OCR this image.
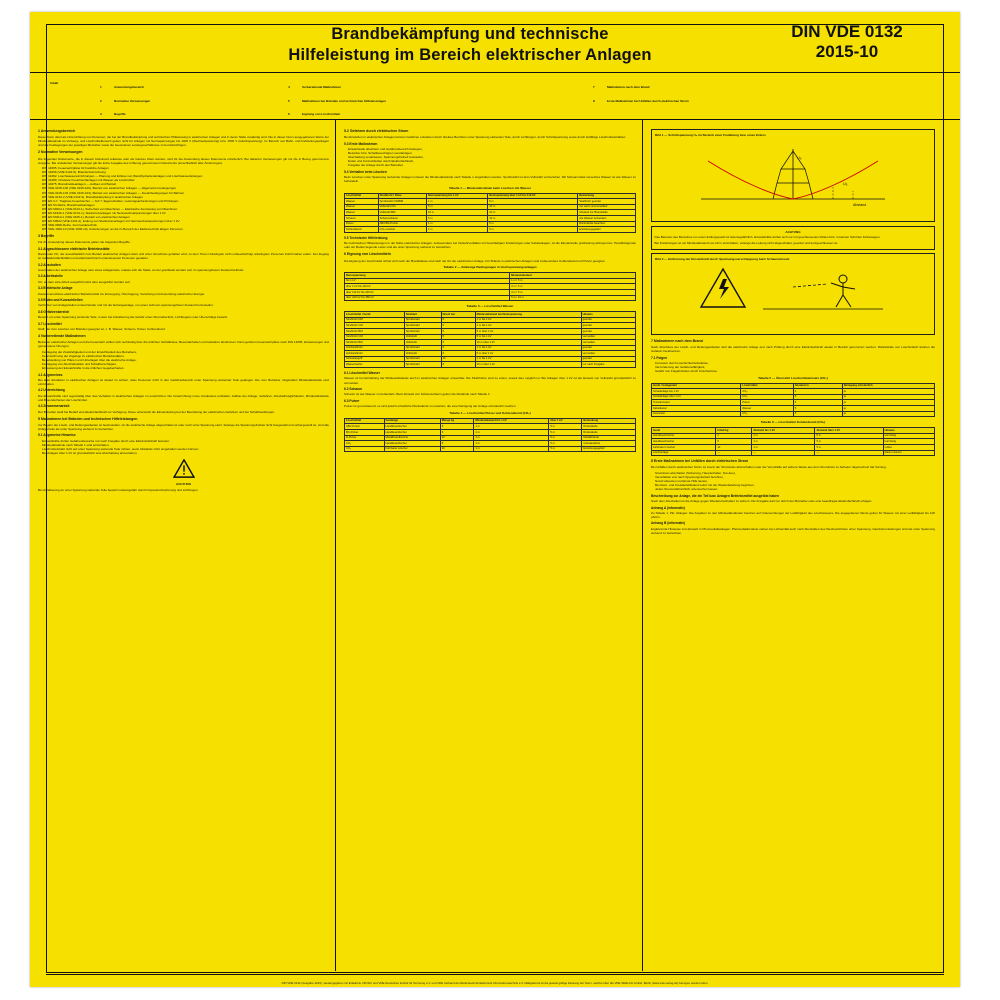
Brandbekämpfung und technische
Hilfeleistung im Bereich elektrischer Anlagen
DIN VDE 0132
2015-10
Inhalt
1	Anwendungsbereich
2	Normative Verweisungen
3	Begriffe
4	Vorbereitende Maßnahmen
5	Maßnahmen bei Bränden und technischen Hilfeleistungen
6	Eignung von Löschmitteln
7	Maßnahmen nach dem Brand
8	Erste Maßnahmen bei Unfällen durch elektrischen Strom
1 Anwendungsbereich
Diese Norm dient als Unterrichtung von Personen, die bei der Brandbekämpfung und technischen Hilfeleistung in elektrischen Anlagen und in deren Nähe zuständig sind. Die in dieser Norm ausgegebenen Werte der Mindestabstände im Vorbeug- und Löschmittelbereich gelten nicht für Anlagen mit Nennspannungen bis 1000 V (Wechselspannung) bzw. 1500 V (Gleichspannung). Im Bereich von Bahn- und Fahrleitungsanlagen sind die Festlegungen der jeweiligen Betreiber sowie die besonderen Leitungsverhältnisse zu berücksichtigen.
2 Normative Verweisungen
Die folgenden Dokumente, die in diesem Dokument teilweise oder als Ganzes zitiert werden, sind für die Anwendung dieses Dokuments erforderlich. Bei datierten Verweisungen gilt nur die in Bezug genommene Ausgabe. Bei undatierten Verweisungen gilt die letzte Ausgabe des in Bezug genommenen Dokuments (einschließlich aller Änderungen).
DIN 14095, Feuerwehrpläne für bauliche Anlagen
DIN 14096 (VDE 0132-5), Brandschutzordnung
DIN 14462, Löschwassereinrichtungen — Planung und Einbau von Wandhydrantenanlagen und Löschwasserleitungen
DIN 14489, Ortsfeste Feuerlöschanlagen mit Wasser als Löschmittel
DIN 14675, Brandmeldeanlagen — Aufbau und Betrieb
DIN VDE 0105-100 (VDE 0105-100), Betrieb von elektrischen Anlagen — Allgemeine Festlegungen
DIN VDE 0105-103 (VDE 0105-103), Betrieb von elektrischen Anlagen — Zusatzfestlegungen für Bahnen
DIN VDE 0132-2 (VDE 0132-2), Brandbekämpfung in elektrischen Anlagen
DIN EN 3-7, Tragbare Feuerlöscher — Teil 7: Eigenschaften, Leistungsanforderungen und Prüfungen
DIN EN 54-Reihe, Brandmeldeanlagen
DIN EN 60204-1 (VDE 0113-1), Sicherheit von Maschinen — Elektrische Ausrüstung von Maschinen
DIN EN 61936-1 (VDE 0101-1), Starkstromanlagen mit Nennwechselspannungen über 1 kV
DIN EN 50110-1 (VDE 0105-1), Betrieb von elektrischen Anlagen
DIN EN 50522 (VDE 0101-2), Erdung von Starkstromanlagen mit Nennwechselspannungen über 1 kV
DIN VDE 0800-Reihe, Fernmeldetechnik
DIN VDE 1000-10 (VDE 1000-10), Anforderungen an die im Bereich der Elektrotechnik tätigen Personen
3 Begriffe
Für die Anwendung dieses Dokuments gelten die folgenden Begriffe.
3.1 Abgeschlossene elektrische Betriebsstätte
Raum oder Ort, der ausschließlich zum Betrieb elektrischer Anlagen dient und unter Verschluss gehalten wird, zu dem Türen Unbefugten nicht unbeaufsichtigt unbefugtem Personen Zutritt haben sollen. Der Zugang ist nur Elektrofachkräften und elektrotechnisch unterwiesenen Personen gestattet.
3.2 Abschalten
Ausschalten der elektrischen Anlage oder eines Anlagenteils, sodass sich die Stelle, an der gearbeitet werden soll, im spannungsfreien Zustand befindet.
3.3 Arbeitsstelle
Ort, an dem eine Arbeit ausgeführt wird oder ausgeführt werden soll.
3.4 Elektrische Anlage
Zusammenschluss elektrischer Betriebsmittel zur Erzeugung, Übertragung, Verteilung und Anwendung elektrischer Energie.
3.5 Erden und Kurzschließen
Verbinden von Anlagenteilen untereinander und mit der Erdungsanlage, um einen sicheren spannungsfreien Zustand herzustellen.
3.6 Gefahrenbereich
Bereich um unter Spannung stehende Teile, in dem bei Annäherung die Gefahr eines Stromübertritts, Lichtbogens oder Überschlags besteht.
3.7 Löschmittel
Stoff, der zum Löschen von Bränden geeignet ist, z. B. Wasser, Schaum, Pulver, Kohlendioxid.
4 Vorbereitende Maßnahmen
Betreiber elektrischer Anlagen und die Feuerwehr sollten sich rechtzeitig über die örtlichen Verhältnisse, Besonderheiten und Gefahren abstimmen. Dazu gehören Feuerwehrpläne nach DIN 14095, Einweisungen und gemeinsame Übungen.
Festlegung der Zuständigkeiten und der Erreichbarkeit des Betreibers,
Kennzeichnung der Zugänge zu elektrischen Betriebsstätten,
Bereitstellung von Plänen und Unterlagen über die elektrische Anlage,
Festlegung von Abschaltstellen und Schaltberechtigten,
Einweisung der Einsatzkräfte in die örtlichen Gegebenheiten.
4.1 Allgemeines
Bei allen Einsätzen in elektrischen Anlagen ist darauf zu achten, dass Personen nicht in den Gefahrenbereich unter Spannung stehender Teile gelangen. Die vom Betreiber mitgeteilten Mindestabstände sind einzuhalten.
4.2 Unterrichtung
Die Einsatzkräfte sind regelmäßig über das Verhalten in elektrischen Anlagen zu unterrichten. Die Unterrichtung muss mindestens enthalten: Aufbau der Anlage, Gefahren, Abschaltmöglichkeiten, Mindestabstände und Besonderheiten der Löschmittel.
4.3 Zusammenarbeit
Der Betreiber stellt bei Bedarf eine Elektrofachkraft zur Verfügung. Diese unterstützt die Einsatzleitung bei der Beurteilung der elektrischen Gefahren und bei Schalthandlungen.
5 Maßnahmen bei Bränden und technischen Hilfeleistungen
Vor Beginn der Lösch- und Rettungsarbeiten ist festzustellen, ob die elektrische Anlage abgeschaltet ist oder noch unter Spannung steht. Solange die Spannungsfreiheit nicht festgestellt und sichergestellt ist, sind alle Anlagenteile als unter Spannung stehend zu betrachten.
5.1 Allgemeine Hinweise
Einsatzkräfte dürfen Gefahrenbereiche nur nach Freigabe durch eine Elektrofachkraft betreten.
Mindestabstände nach Tabelle 1 sind einzuhalten.
Löschmittelstrahl nicht auf unter Spannung stehende Teile richten, wenn Abstände nicht eingehalten werden können.
Bei Anlagen über 1 kV ist grundsätzlich eine Abschaltung anzustreben.
ACHTUNG
Bei Annäherung an unter Spannung stehende Teile besteht Lebensgefahr durch Körperdurchströmung und Lichtbogen.
5.2 Gefahren durch elektrischen Strom
Bei Einsätzen in elektrischen Anlagen können Gefahren entstehen durch direktes Berühren unter Spannung stehender Teile, durch Lichtbögen, durch Schrittspannung sowie durch leitfähige Löschmittelstrahlen.
5.3 Erste Maßnahmen
Einsatzstelle absichern und Gefahrenbereich festlegen,
Betreiber bzw. Schaltberechtigten verständigen,
Abschaltung veranlassen, Spannungsfreiheit feststellen,
Erden und Kurzschließen durch Elektrofachkraft,
Freigabe der Anlage durch den Betreiber.
5.4 Verhalten beim Löschen
Beim Löschen unter Spannung stehender Anlagen müssen die Mindestabstände nach Tabelle 1 eingehalten werden. Sprühstrahl ist dem Vollstrahl vorzuziehen. Mit Schaummittel versetztes Wasser ist wie Wasser zu behandeln.
Tabelle 1 — Mindestabstände beim Löschen mit Wasser
Löschmittel	Strahlrohr / Düse	Nennspannung bis 1 kV	Nennspannung über 1 kV bis 110 kV	Bemerkung
Wasser	Sprühstrahl CM/BM	1 m	5 m	Strahlrohr geerdet
Wasser	Vollstrahl CM	5 m	10 m	nur wenn unvermeidbar
Wasser	Vollstrahl BM	10 m	10 m	Abstand zur Brandstelle
Schaum	Schwerschaum	5 m	10 m	wie Wasser behandeln
Pulver	ABC/BC-Pulver	1 m	5 m	Rückstände beachten
Kohlendioxid	CO₂-Löscher	1 m	5 m	Erstickungsgefahr
5.5 Technische Hilfeleistung
Bei technischen Hilfeleistungen in der Nähe elektrischer Anlagen, insbesondere bei Verkehrsunfällen mit beschädigten Freileitungen oder Kabelanlagen, ist die Einsatzstelle großräumig abzusperren. Herabhängende oder am Boden liegende Leiter sind als unter Spannung stehend zu betrachten.
6 Eignung von Löschmitteln
Die Eignung der Löschmittel richtet sich nach der Brandklasse und nach der Art der elektrischen Anlage. Für Brände in elektrischen Anlagen sind insbesondere Kohlendioxid und Pulver geeignet.
Tabelle 2 — Zulässige Bedingungen in Hochspannungsanlagen
Nennspannung	Mindestabstand
bis 1 kV	1 m / 5 m
über 1 kV bis 110 kV	3 m / 5 m
über 110 kV bis 220 kV	4 m / 5 m
über 220 kV bis 380 kV	5 m / 10 m
Tabelle 3 — Löschmittel Wasser
Löschmittel / Gerät	Strahlart	Druck bar	Mindestabstand bei Nennspannung	Hinweis
Strahlrohr DM	Sprühstrahl	5	1 m bis 1 kV	geerdet
Strahlrohr CM	Sprühstrahl	5	1 m bis 1 kV	geerdet
Strahlrohr BM	Sprühstrahl	5	5 m über 1 kV	geerdet
Strahlrohr CM	Vollstrahl	5	5 m bis 1 kV	vermeiden
Strahlrohr BM	Vollstrahl	5	10 m über 1 kV	vermeiden
Hohlstrahlrohr	Sprühstrahl	6	1 m bis 1 kV	geerdet
Hohlstrahlrohr	Vollstrahl	6	5 m über 1 kV	vermeiden
Schnellangriff	Sprühstrahl	10	1 m bis 1 kV	geerdet
Wasserwerfer	Sprühstrahl	8	10 m über 1 kV	nur nach Freigabe
6.1 Löschmittel Wasser
Wasser ist bei Einhaltung der Mindestabstände auch in elektrischen Anlagen einsetzbar. Die Strahlrohre sind zu erden, soweit dies möglich ist. Bei Anlagen über 1 kV ist der Einsatz von Vollstrahl grundsätzlich zu vermeiden.
6.2 Schaum
Schaum ist wie Wasser zu behandeln. Beim Einsatz von Schwerschaum gelten die Abstände nach Tabelle 1.
6.3 Pulver
Pulver ist gut isolierend; es sind jedoch erhebliche Rückstände zu erwarten, die eine Reinigung der Anlage erforderlich machen.
Tabelle 4 — Löschmittel Pulver und Kohlendioxid (CO₂)
Löschmittel	Gerätetyp	Menge kg	Mindestabstand bis 1 kV	über 1 kV	Bemerkung
ABC-Pulver	Handfeuerlöscher	6	1 m	5 m	Rückstände
BC-Pulver	Handfeuerlöscher	6	1 m	5 m	Rückstände
D-Pulver	Metallbrandlöscher	12	1 m	5 m	Metallbrände
CO₂	Handfeuerlöscher	5	1 m	5 m	rückstandsfrei
CO₂	Fahrbarer Löscher	10	1 m	5 m	Erstickungsgefahr
Bild 1 — Schrittspannung U₅ im Bereich einer Freileitung bzw. eines Erders
U₅
U₆
Abstand
ACHTUNG
Das Betreten des Bereiches um einen Erdungspunkt ist lebensgefährlich. Einsatzkräfte dürfen sich nur mit geschlossenen Füßen bzw. in kleinen Schritten fortbewegen.
Bei Freileitungen ist ein Mindestabstand von 20 m einzuhalten, solange die Leitung nicht abgeschaltet, geerdet und kurzgeschlossen ist.
Bild 2 — Entfernung der Einsatzkraft durch Spannungsverschleppung beim Schaumeinsatz
7 Maßnahmen nach dem Brand
Nach Abschluss der Lösch- und Rettungsarbeiten darf die elektrische Anlage erst nach Prüfung durch eine Elektrofachkraft wieder in Betrieb genommen werden. Rückstände von Löschmitteln können die Isolation herabsetzen.
7.1 Folgen
Korrosion durch Löschmittelrückstände,
Verminderung der Isolationsfähigkeit,
Gefahr von Folgebränden durch Kriechströme.
Tabelle 5 — Übersicht Löschmitteleinsatz (CO₂)
Gerät / Anlagenteil	Löschmittel	Abstand m	Reinigung erforderlich
Schaltanlage bis 1 kV	CO₂	1	ja
Schaltanlage über 1 kV	CO₂	5	ja
Transformator	Pulver	5	ja
Kabelkanal	Wasser	5	ja
Generator	CO₂	5	ja
Tabelle 6 — Löschmittel Kohlendioxid (CO₂)
Gerät	Inhalt kg	Abstand bis 1 kV	Abstand über 1 kV	Hinweis
Handfeuerlöscher	2	1 m	5 m	kurzzeitig
Handfeuerlöscher	5	1 m	5 m	kurzzeitig
Fahrbarer Löscher	10	1 m	5 m	Lüften
Löschanlage	—	—	—	Raum räumen
8 Erste Maßnahmen bei Unfällen durch elektrischen Strom
Bei Unfällen durch elektrischen Strom ist zuerst der Stromkreis abzuschalten oder der Verunfallte auf sichere Weise aus dem Stromkreis zu befreien. Eigenschutz hat Vorrang.
Stromkreis abschalten (Sicherung, Hauptschalter, Not-Aus),
Verunfallten erst nach Spannungsfreiheit berühren,
Notruf absetzen und Erste Hilfe leisten,
Bei Atem- und Kreislaufstillstand sofort mit der Wiederbelebung beginnen,
Jeden Stromunfall ärztlich untersuchen lassen.
Beschreibung zur Anlage, die ein Teil bzw. Anlagen Betriebsmittel ausgelöst haben
Nach dem Abschalten ist die Anlage gegen Wiedereinschalten zu sichern. Die Freigabe darf nur durch den Betreiber oder eine beauftragte Elektrofachkraft erfolgen.
Anhang A (informativ)
Zu Tabelle 1, Pkt. Ablegen: Die Angaben zu den Mindestabständen beruhen auf Untersuchungen der Leitfähigkeit des Löschwassers. Die angegebenen Werte gelten für Wasser mit einer Leitfähigkeit bis 100 µS/cm.
Anhang B (informativ)
Ergänzende Hinweise zum Einsatz in Photovoltaikanlagen: Photovoltaikmodule stehen bei Lichteinfall auch nach Abschalten des Wechselrichters unter Spannung. Gleichstromleitungen sind als unter Spannung stehend zu betrachten.
DIN VDE 0132 (Ausgabe 2015), wiedergegeben mit Erlaubnis. DIN EV und VDE Deutsches Institut für Normung e.V. und VDE Verband der Elektrotechnik Elektronik Informationstechnik e.V. Maßgebend ist die jeweils gültige Fassung der Norm, welche über die VDE VERLAG GmbH, Berlin (www.vde-verlag.de) bezogen werden kann.
